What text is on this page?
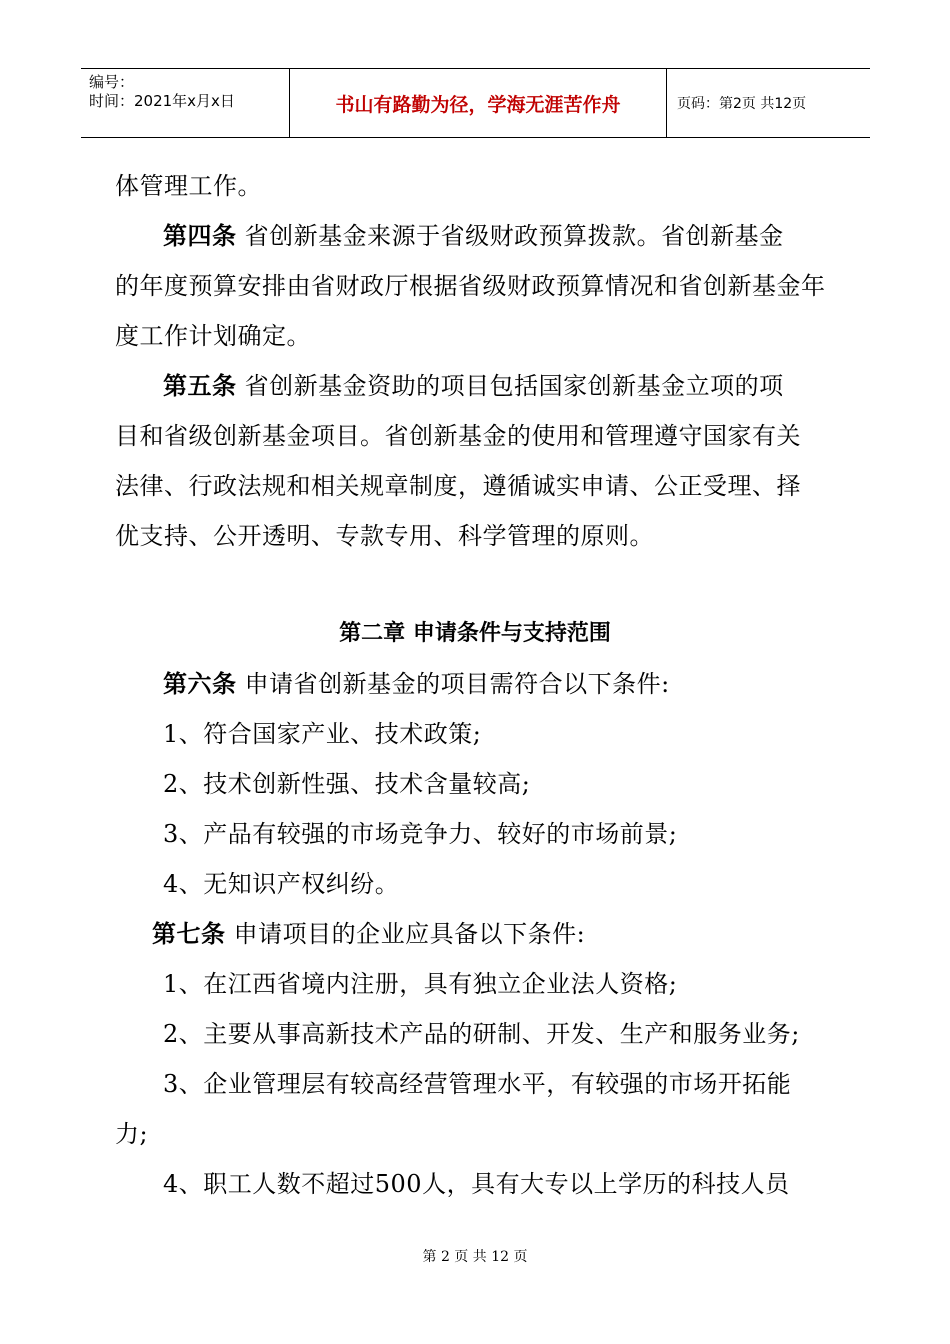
编号：
时间：2021年x月x日	书山有路勤为径，学海无涯苦作舟	页码：第2页 共12页
体管理工作。
第四条 省创新基金来源于省级财政预算拨款。省创新基金
的年度预算安排由省财政厅根据省级财政预算情况和省创新基金年
度工作计划确定。
第五条 省创新基金资助的项目包括国家创新基金立项的项
目和省级创新基金项目。省创新基金的使用和管理遵守国家有关
法律、行政法规和相关规章制度，遵循诚实申请、公正受理、择
优支持、公开透明、专款专用、科学管理的原则。
第二章 申请条件与支持范围
第六条 申请省创新基金的项目需符合以下条件:
1、符合国家产业、技术政策;
2、技术创新性强、技术含量较高;
3、产品有较强的市场竞争力、较好的市场前景;
4、无知识产权纠纷。
第七条 申请项目的企业应具备以下条件:
1、在江西省境内注册，具有独立企业法人资格;
2、主要从事高新技术产品的研制、开发、生产和服务业务;
3、企业管理层有较高经营管理水平，有较强的市场开拓能
力;
4、职工人数不超过500人，具有大专以上学历的科技人员
第 2 页 共 12 页
